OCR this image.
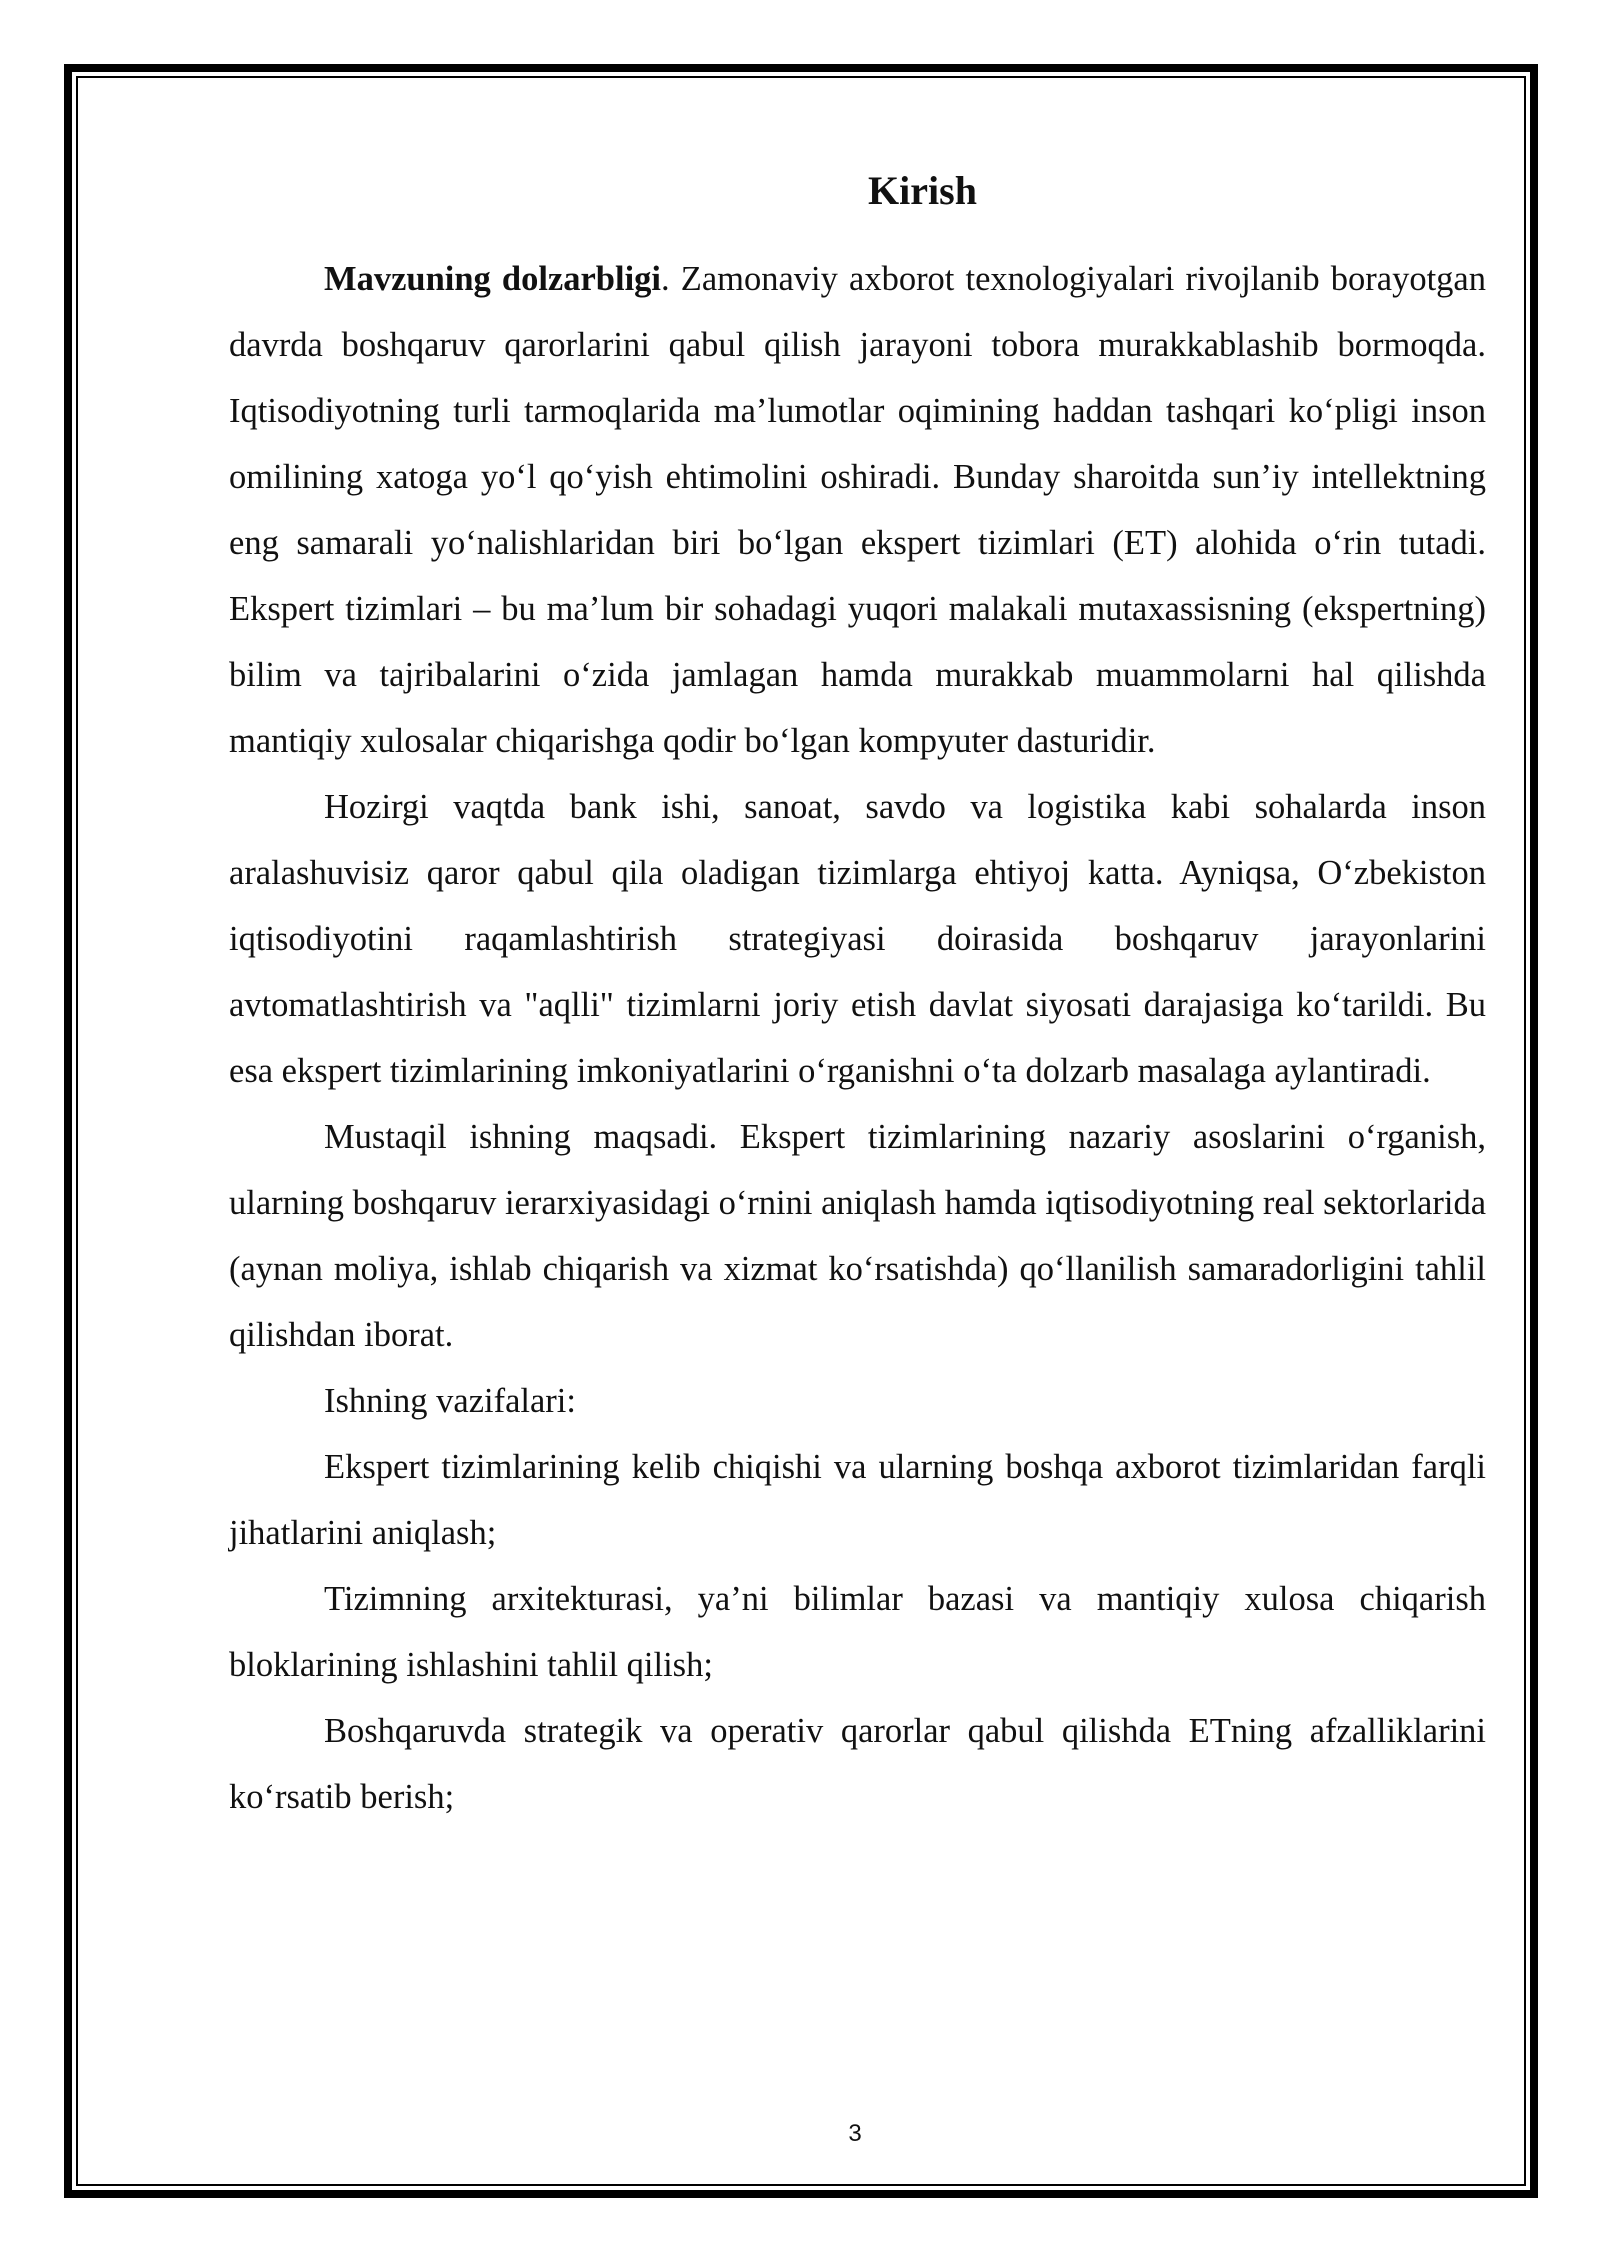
Kirish

Mavzuning dolzarbligi. Zamonaviy axborot texnologiyalari rivojlanib borayotgan davrda boshqaruv qarorlarini qabul qilish jarayoni tobora murakkablashib bormoqda. Iqtisodiyotning turli tarmoqlarida ma’lumotlar oqimining haddan tashqari ko‘pligi inson omilining xatoga yo‘l qo‘yish ehtimolini oshiradi. Bunday sharoitda sun’iy intellektning eng samarali yo‘nalishlaridan biri bo‘lgan ekspert tizimlari (ET) alohida o‘rin tutadi. Ekspert tizimlari – bu ma’lum bir sohadagi yuqori malakali mutaxassisning (ekspertning) bilim va tajribalarini o‘zida jamlagan hamda murakkab muammolarni hal qilishda mantiqiy xulosalar chiqarishga qodir bo‘lgan kompyuter dasturidir.

Hozirgi vaqtda bank ishi, sanoat, savdo va logistika kabi sohalarda inson aralashuvisiz qaror qabul qila oladigan tizimlarga ehtiyoj katta. Ayniqsa, O‘zbekiston iqtisodiyotini raqamlashtirish strategiyasi doirasida boshqaruv jarayonlarini avtomatlashtirish va "aqlli" tizimlarni joriy etish davlat siyosati darajasiga ko‘tarildi. Bu esa ekspert tizimlarining imkoniyatlarini o‘rganishni o‘ta dolzarb masalaga aylantiradi.

Mustaqil ishning maqsadi. Ekspert tizimlarining nazariy asoslarini o‘rganish, ularning boshqaruv ierarxiyasidagi o‘rnini aniqlash hamda iqtisodiyotning real sektorlarida (aynan moliya, ishlab chiqarish va xizmat ko‘rsatishda) qo‘llanilish samaradorligini tahlil qilishdan iborat.

Ishning vazifalari:

Ekspert tizimlarining kelib chiqishi va ularning boshqa axborot tizimlaridan farqli jihatlarini aniqlash;

Tizimning arxitekturasi, ya’ni bilimlar bazasi va mantiqiy xulosa chiqarish bloklarining ishlashini tahlil qilish;

Boshqaruvda strategik va operativ qarorlar qabul qilishda ETning afzalliklarini ko‘rsatib berish;

3
